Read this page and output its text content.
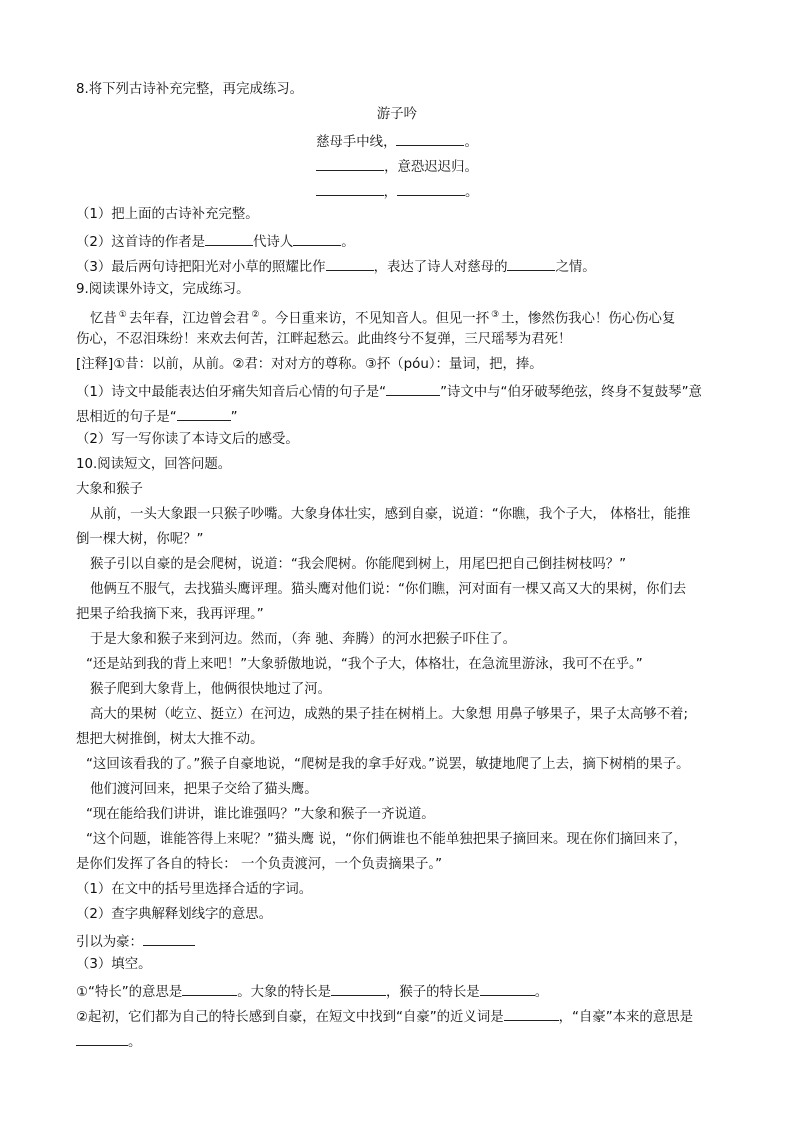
8.将下列古诗补充完整，再完成练习。
游子吟
慈母手中线，	。
，意恐迟迟归。
，	。
（1）把上面的古诗补充完整。
（2）这首诗的作者是	代诗人	。
（3）最后两句诗把阳光对小草的照耀比作	，表达了诗人对慈母的	之情。
9.阅读课外诗文，完成练习。
忆昔 ① 去年春，江边曾会君 ② 。今日重来访，不见知音人。但见一抔 ③ 土，惨然伤我心！伤心伤心复
伤心，不忍泪珠纷！来欢去何苦，江畔起愁云。此曲终兮不复弹，三尺瑶琴为君死！
[注释]①昔：以前，从前。②君：对对方的尊称。③抔（póu）：量词，把，捧。
（1）诗文中最能表达伯牙痛失知音后心情的句子是“	”诗文中与“伯牙破琴绝弦，终身不复鼓琴”意
思相近的句子是“	”
（2）写一写你读了本诗文后的感受。
10.阅读短文，回答问题。
大象和猴子
从前，一头大象跟一只猴子吵嘴。大象身体壮实，感到自豪，说道：“你瞧，我个子大， 体格壮，能推
倒一棵大树，你呢？”
猴子引以自豪的是会爬树，说道：“我会爬树。你能爬到树上，用尾巴把自己倒挂树枝吗？”
他俩互不服气，去找猫头鹰评理。猫头鹰对他们说：“你们瞧，河对面有一棵又高又大的果树，你们去
把果子给我摘下来，我再评理。”
于是大象和猴子来到河边。然而，（奔 驰、奔腾）的河水把猴子吓住了。
“还是站到我的背上来吧！”大象骄傲地说，“我个子大，体格壮，在急流里游泳，我可不在乎。”
猴子爬到大象背上，他俩很快地过了河。
高大的果树（屹立、挺立）在河边，成熟的果子挂在树梢上。大象想 用鼻子够果子，果子太高够不着;
想把大树推倒，树太大推不动。
“这回该看我的了。”猴子自豪地说，“爬树是我的拿手好戏。”说罢，敏捷地爬了上去，摘下树梢的果子。
他们渡河回来，把果子交给了猫头鹰。
“现在能给我们讲讲，谁比谁强吗？”大象和猴子一齐说道。
“这个问题，谁能答得上来呢？”猫头鹰 说，“你们俩谁也不能单独把果子摘回来。现在你们摘回来了，
是你们发挥了各自的特长： 一个负责渡河，一个负责摘果子。”
（1）在文中的括号里选择合适的字词。
（2）查字典解释划线字的意思。
引以为豪：
（3）填空。
①“特长”的意思是	。大象的特长是	，猴子的特长是	。
②起初，它们都为自己的特长感到自豪，在短文中找到“自豪”的近义词是	，“自豪”本来的意思是
。
